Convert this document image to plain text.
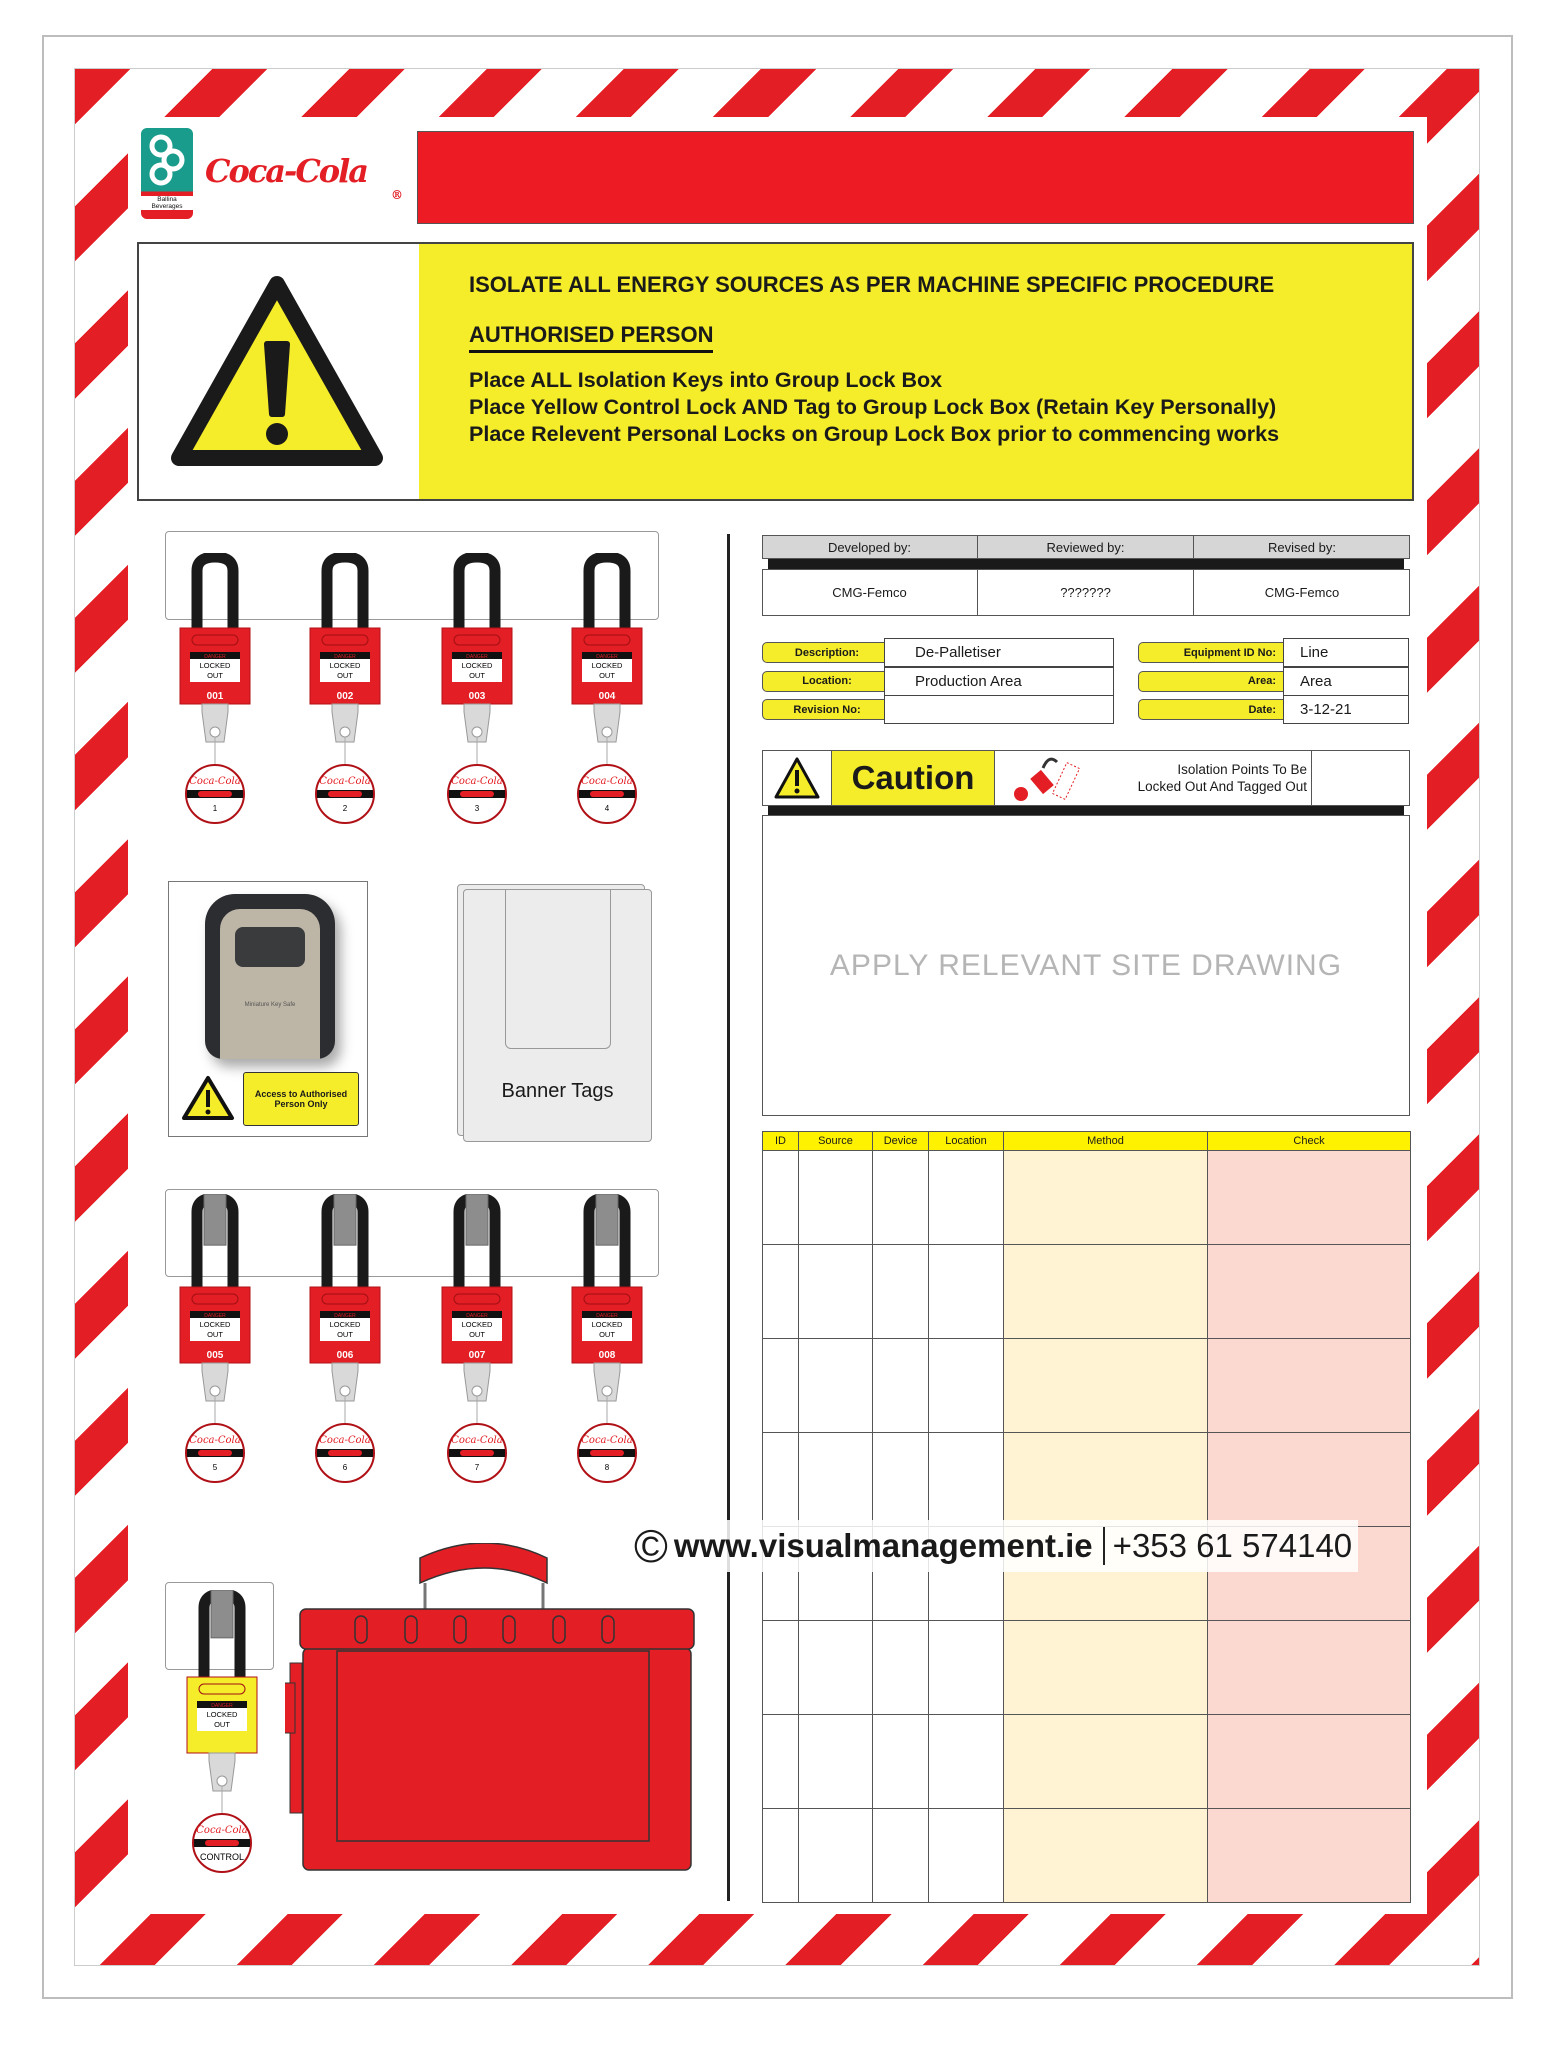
Ballina Beverages
Coca-Cola
®
ISOLATE ALL ENERGY SOURCES AS PER MACHINE SPECIFIC PROCEDURE
AUTHORISED PERSON
Place ALL Isolation Keys into Group Lock Box
Place Yellow Control Lock AND Tag to Group Lock Box (Retain Key Personally)
Place Relevent Personal Locks on Group Lock Box prior to commencing works
DANGER
LOCKED
OUT
001
Coca-Cola
1
DANGER
LOCKED
OUT
002
Coca-Cola
2
DANGER
LOCKED
OUT
003
Coca-Cola
3
DANGER
LOCKED
OUT
004
Coca-Cola
4
DANGER
LOCKED
OUT
005
Coca-Cola
5
DANGER
LOCKED
OUT
006
Coca-Cola
6
DANGER
LOCKED
OUT
007
Coca-Cola
7
DANGER
LOCKED
OUT
008
Coca-Cola
8
DANGER
LOCKED
OUT
Coca-Cola
CONTROL
Miniature Key Safe
Access to Authorised Person Only
Banner Tags
Developed by:	Reviewed by:	Revised by:
CMG-Femco	???????	CMG-Femco
Description:	De-Palletiser
Location:	Production Area
Revision No:
Equipment ID No:	Line
Area:	Area
Date:	3-12-21
Caution	Isolation Points To Be
Locked Out And Tagged Out
APPLY RELEVANT SITE DRAWING
ID	Source	Device	Location	Method	Check

© www.visualmanagement.ie +353 61 574140
